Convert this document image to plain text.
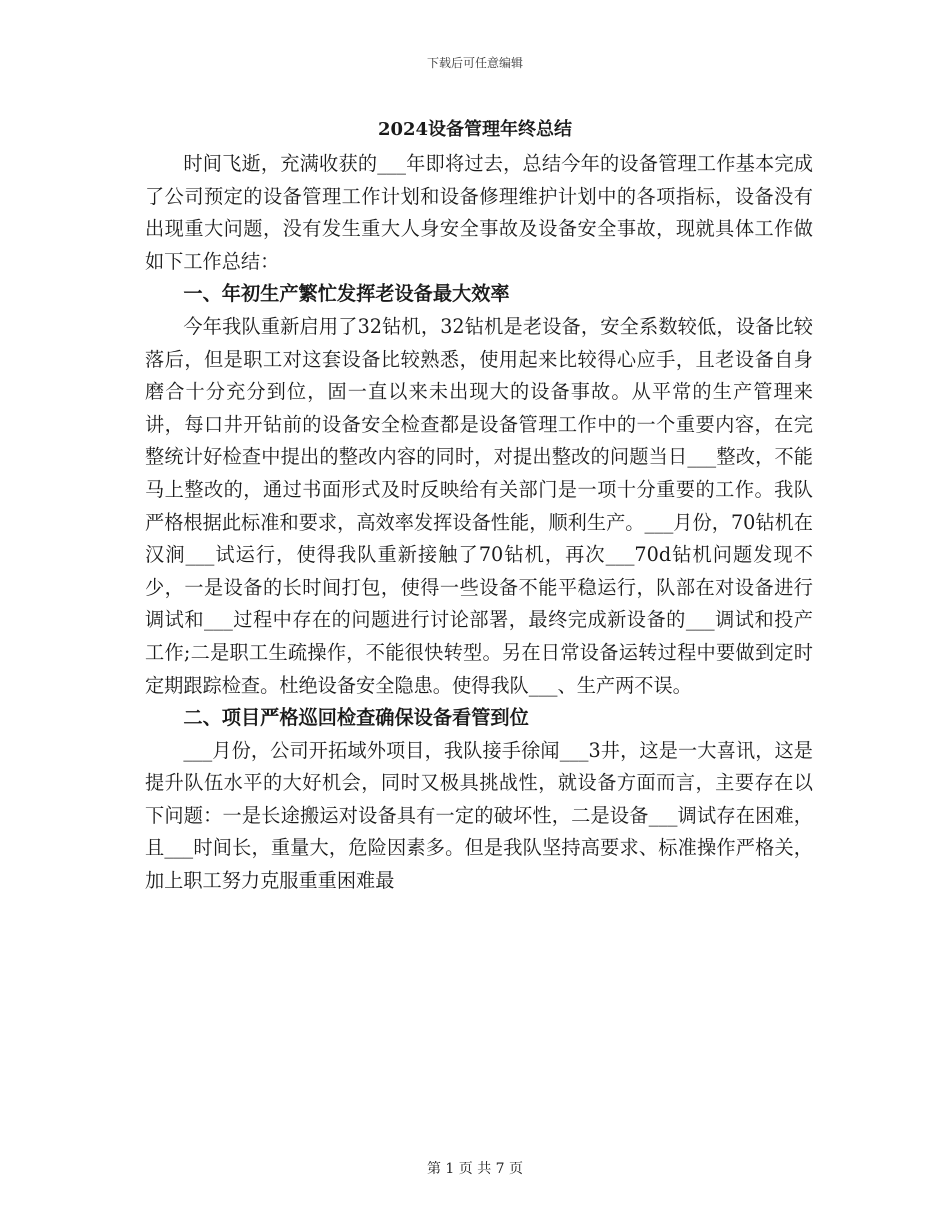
下载后可任意编辑
2024设备管理年终总结

时间飞逝，充满收获的___年即将过去，总结今年的设备管理工作基本完成了公司预定的设备管理工作计划和设备修理维护计划中的各项指标，设备没有出现重大问题，没有发生重大人身安全事故及设备安全事故，现就具体工作做如下工作总结：

一、年初生产繁忙发挥老设备最大效率

今年我队重新启用了32钻机，32钻机是老设备，安全系数较低，设备比较落后，但是职工对这套设备比较熟悉，使用起来比较得心应手，且老设备自身磨合十分充分到位，固一直以来未出现大的设备事故。从平常的生产管理来讲，每口井开钻前的设备安全检查都是设备管理工作中的一个重要内容，在完整统计好检查中提出的整改内容的同时，对提出整改的问题当日___整改，不能马上整改的，通过书面形式及时反映给有关部门是一项十分重要的工作。我队严格根据此标准和要求，高效率发挥设备性能，顺利生产。___月份，70钻机在汉涧___试运行，使得我队重新接触了70钻机，再次___70d钻机问题发现不少，一是设备的长时间打包，使得一些设备不能平稳运行，队部在对设备进行调试和___过程中存在的问题进行讨论部署，最终完成新设备的___调试和投产工作;二是职工生疏操作，不能很快转型。另在日常设备运转过程中要做到定时定期跟踪检查。杜绝设备安全隐患。使得我队___、生产两不误。

二、项目严格巡回检查确保设备看管到位

___月份，公司开拓域外项目，我队接手徐闻___3井，这是一大喜讯，这是提升队伍水平的大好机会，同时又极具挑战性，就设备方面而言，主要存在以下问题：一是长途搬运对设备具有一定的破坏性，二是设备___调试存在困难，且___时间长，重量大，危险因素多。但是我队坚持高要求、标准操作严格关，加上职工努力克服重重困难最

第 1 页 共 7 页
